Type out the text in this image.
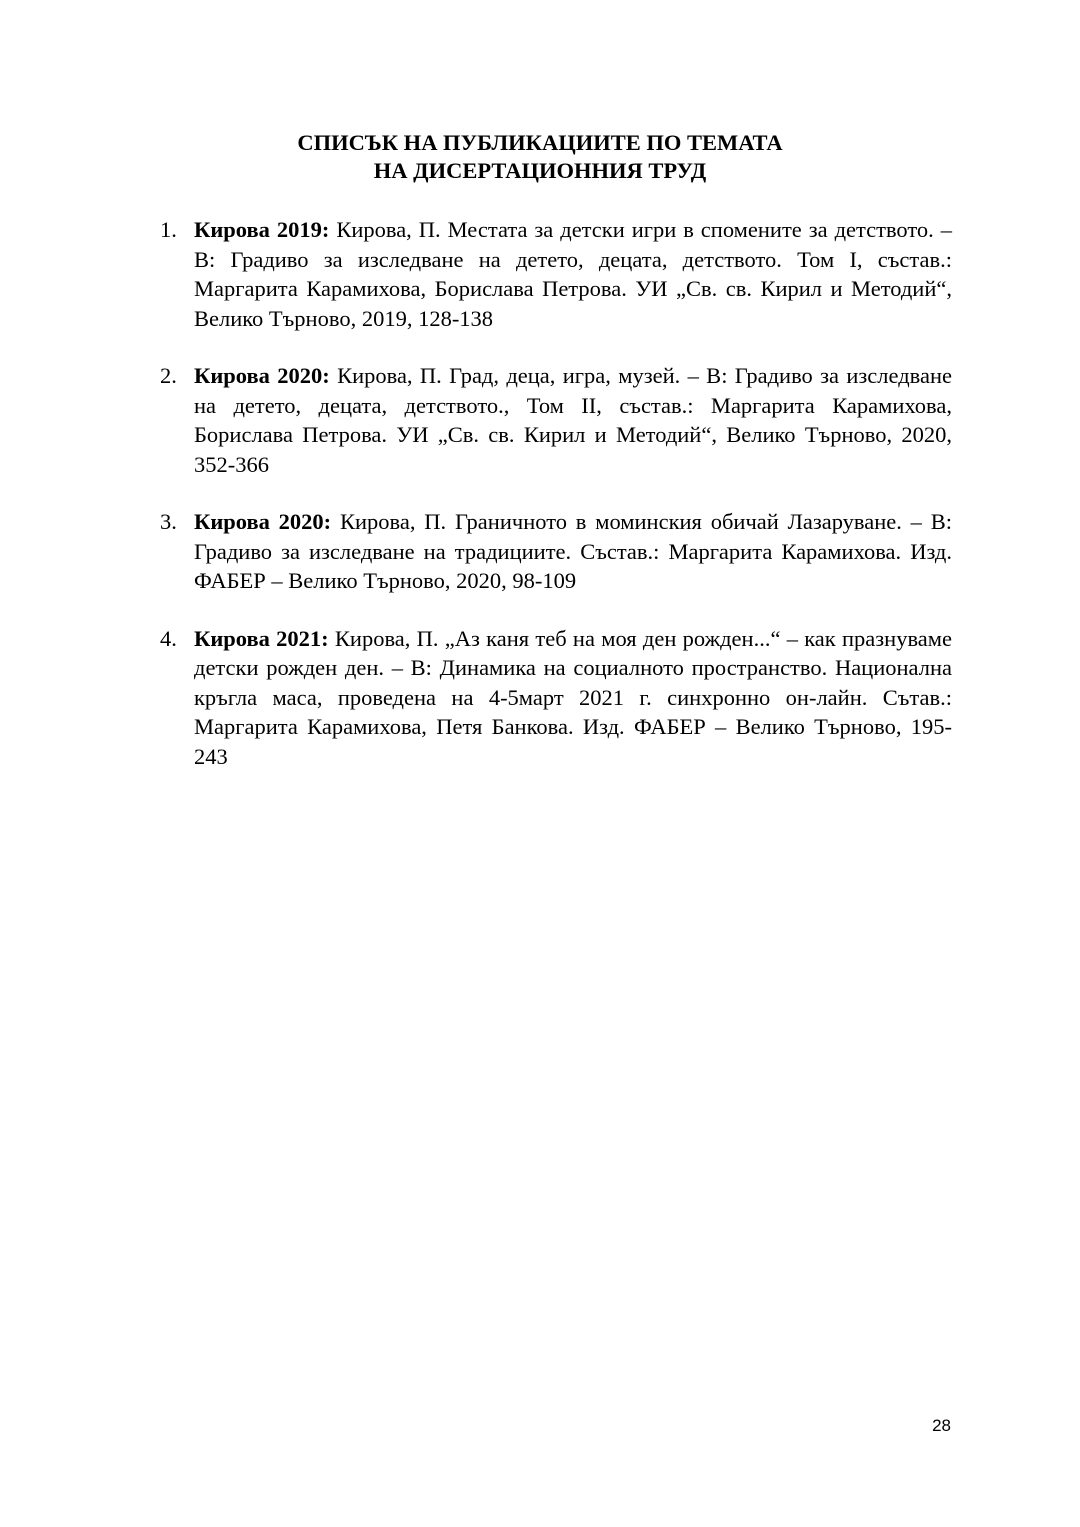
СПИСЪК НА ПУБЛИКАЦИИТЕ ПО ТЕМАТА
НА ДИСЕРТАЦИОННИЯ ТРУД
1. Кирова 2019: Кирова, П. Местата за детски игри в спомените за детството. – В: Градиво за изследване на детето, децата, детството. Том I, състав.: Маргарита Карамихова, Борислава Петрова. УИ „Св. св. Кирил и Методий“, Велико Търново, 2019, 128-138
2. Кирова 2020: Кирова, П. Град, деца, игра, музей. – В: Градиво за изследване на детето, децата, детството., Том II, състав.: Маргарита Карамихова, Борислава Петрова. УИ „Св. св. Кирил и Методий“, Велико Търново, 2020, 352-366
3. Кирова 2020: Кирова, П. Граничното в моминския обичай Лазаруване. – В: Градиво за изследване на традициите. Състав.: Маргарита Карамихова. Изд. ФАБЕР – Велико Търново, 2020, 98-109
4. Кирова 2021: Кирова, П. „Аз каня теб на моя ден рожден...“ – как празнуваме детски рожден ден. – В: Динамика на социалното пространство. Национална кръгла маса, проведена на 4-5март 2021 г. синхронно он-лайн. Сътав.: Маргарита Карамихова, Петя Банкова. Изд. ФАБЕР – Велико Търново, 195-243
28
